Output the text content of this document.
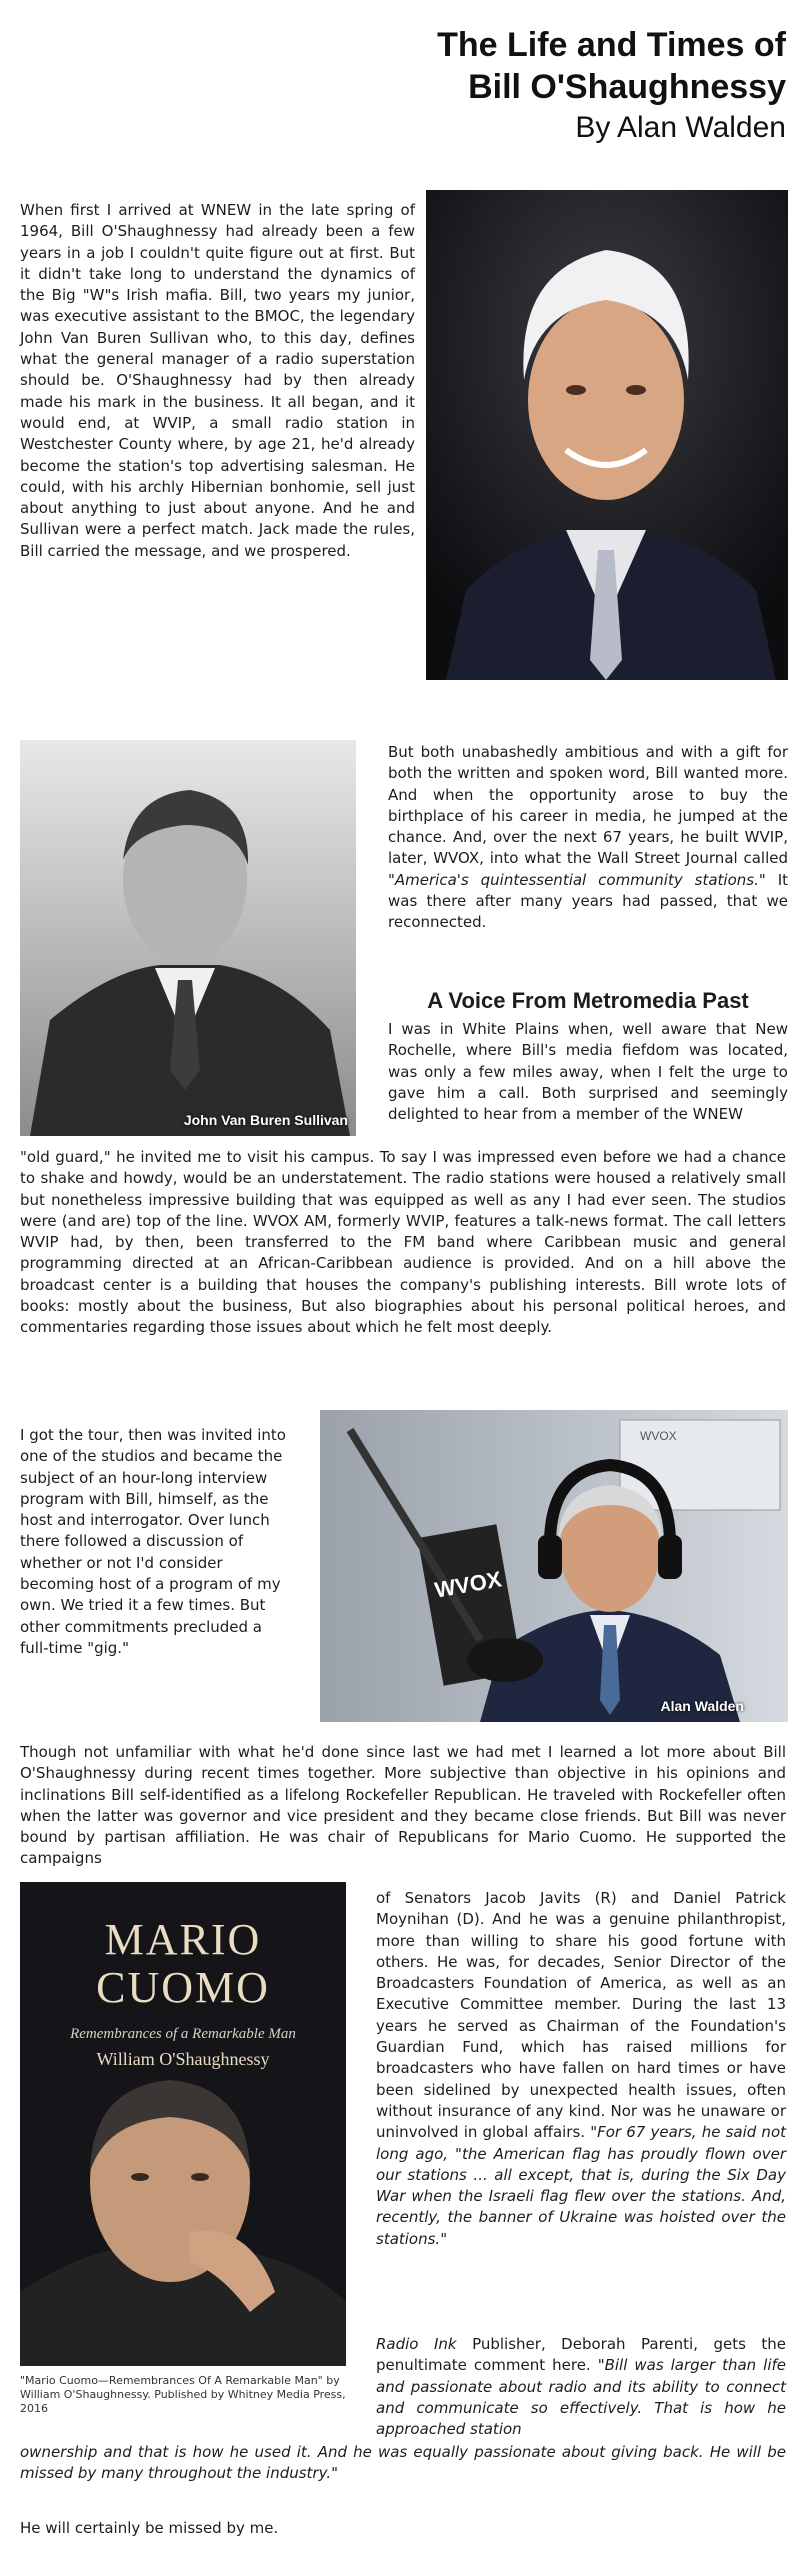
The Life and Times of
Bill O'Shaughnessy
By Alan Walden

When first I arrived at WNEW in the late spring of 1964, Bill O'Shaughnessy had already been a few years in a job I couldn't quite figure out at first. But it didn't take long to understand the dynamics of the Big "W"s Irish mafia. Bill, two years my junior, was executive assistant to the BMOC, the legendary John Van Buren Sullivan who, to this day, defines what the general manager of a radio superstation should be. O'Shaughnessy had by then already made his mark in the business. It all began, and it would end, at WVIP, a small radio station in Westchester County where, by age 21, he'd already become the station's top advertising salesman. He could, with his archly Hibernian bonhomie, sell just about anything to just about anyone. And he and Sullivan were a perfect match. Jack made the rules, Bill carried the message, and we prospered.

John Van Buren Sullivan

But both unabashedly ambitious and with a gift for both the written and spoken word, Bill wanted more. And when the opportunity arose to buy the birthplace of his career in media, he jumped at the chance. And, over the next 67 years, he built WVIP, later, WVOX, into what the Wall Street Journal called "America's quintessential community stations." It was there after many years had passed, that we reconnected.

A Voice From Metromedia Past

I was in White Plains when, well aware that New Rochelle, where Bill's media fiefdom was located, was only a few miles away, when I felt the urge to gave him a call. Both surprised and seemingly delighted to hear from a member of the WNEW

"old guard," he invited me to visit his campus. To say I was impressed even before we had a chance to shake and howdy, would be an understatement. The radio stations were housed a relatively small but nonetheless impressive building that was equipped as well as any I had ever seen. The studios were (and are) top of the line. WVOX AM, formerly WVIP, features a talk-news format. The call letters WVIP had, by then, been transferred to the FM band where Caribbean music and general programming directed at an African-Caribbean audience is provided. And on a hill above the broadcast center is a building that houses the company's publishing interests. Bill wrote lots of books: mostly about the business, But also biographies about his personal political heroes, and commentaries regarding those issues about which he felt most deeply.

I got the tour, then was invited into one of the studios and became the subject of an hour-long interview program with Bill, himself, as the host and interrogator. Over lunch there followed a discussion of whether or not I'd consider becoming host of a program of my own. We tried it a few times. But other commitments precluded a full-time "gig."

WVOX
WVOX
Alan Walden

Though not unfamiliar with what he'd done since last we had met I learned a lot more about Bill O'Shaughnessy during recent times together. More subjective than objective in his opinions and inclinations Bill self-identified as a lifelong Rockefeller Republican. He traveled with Rockefeller often when the latter was governor and vice president and they became close friends. But Bill was never bound by partisan affiliation. He was chair of Republicans for Mario Cuomo. He supported the campaigns

MARIO
CUOMO
Remembrances of a Remarkable Man
William O'Shaughnessy
"Mario Cuomo—Remembrances Of A Remarkable Man" by William O'Shaughnessy. Published by Whitney Media Press, 2016

of Senators Jacob Javits (R) and Daniel Patrick Moynihan (D). And he was a genuine philanthropist, more than willing to share his good fortune with others. He was, for decades, Senior Director of the Broadcasters Foundation of America, as well as an Executive Committee member. During the last 13 years he served as Chairman of the Foundation's Guardian Fund, which has raised millions for broadcasters who have fallen on hard times or have been sidelined by unexpected health issues, often without insurance of any kind. Nor was he unaware or uninvolved in global affairs. "For 67 years, he said not long ago, "the American flag has proudly flown over our stations ... all except, that is, during the Six Day War when the Israeli flag flew over the stations. And, recently, the banner of Ukraine was hoisted over the stations."

Radio Ink Publisher, Deborah Parenti, gets the penultimate comment here. "Bill was larger than life and passionate about radio and its ability to connect and communicate so effectively. That is how he approached station

ownership and that is how he used it. And he was equally passionate about giving back. He will be missed by many throughout the industry."

He will certainly be missed by me.
